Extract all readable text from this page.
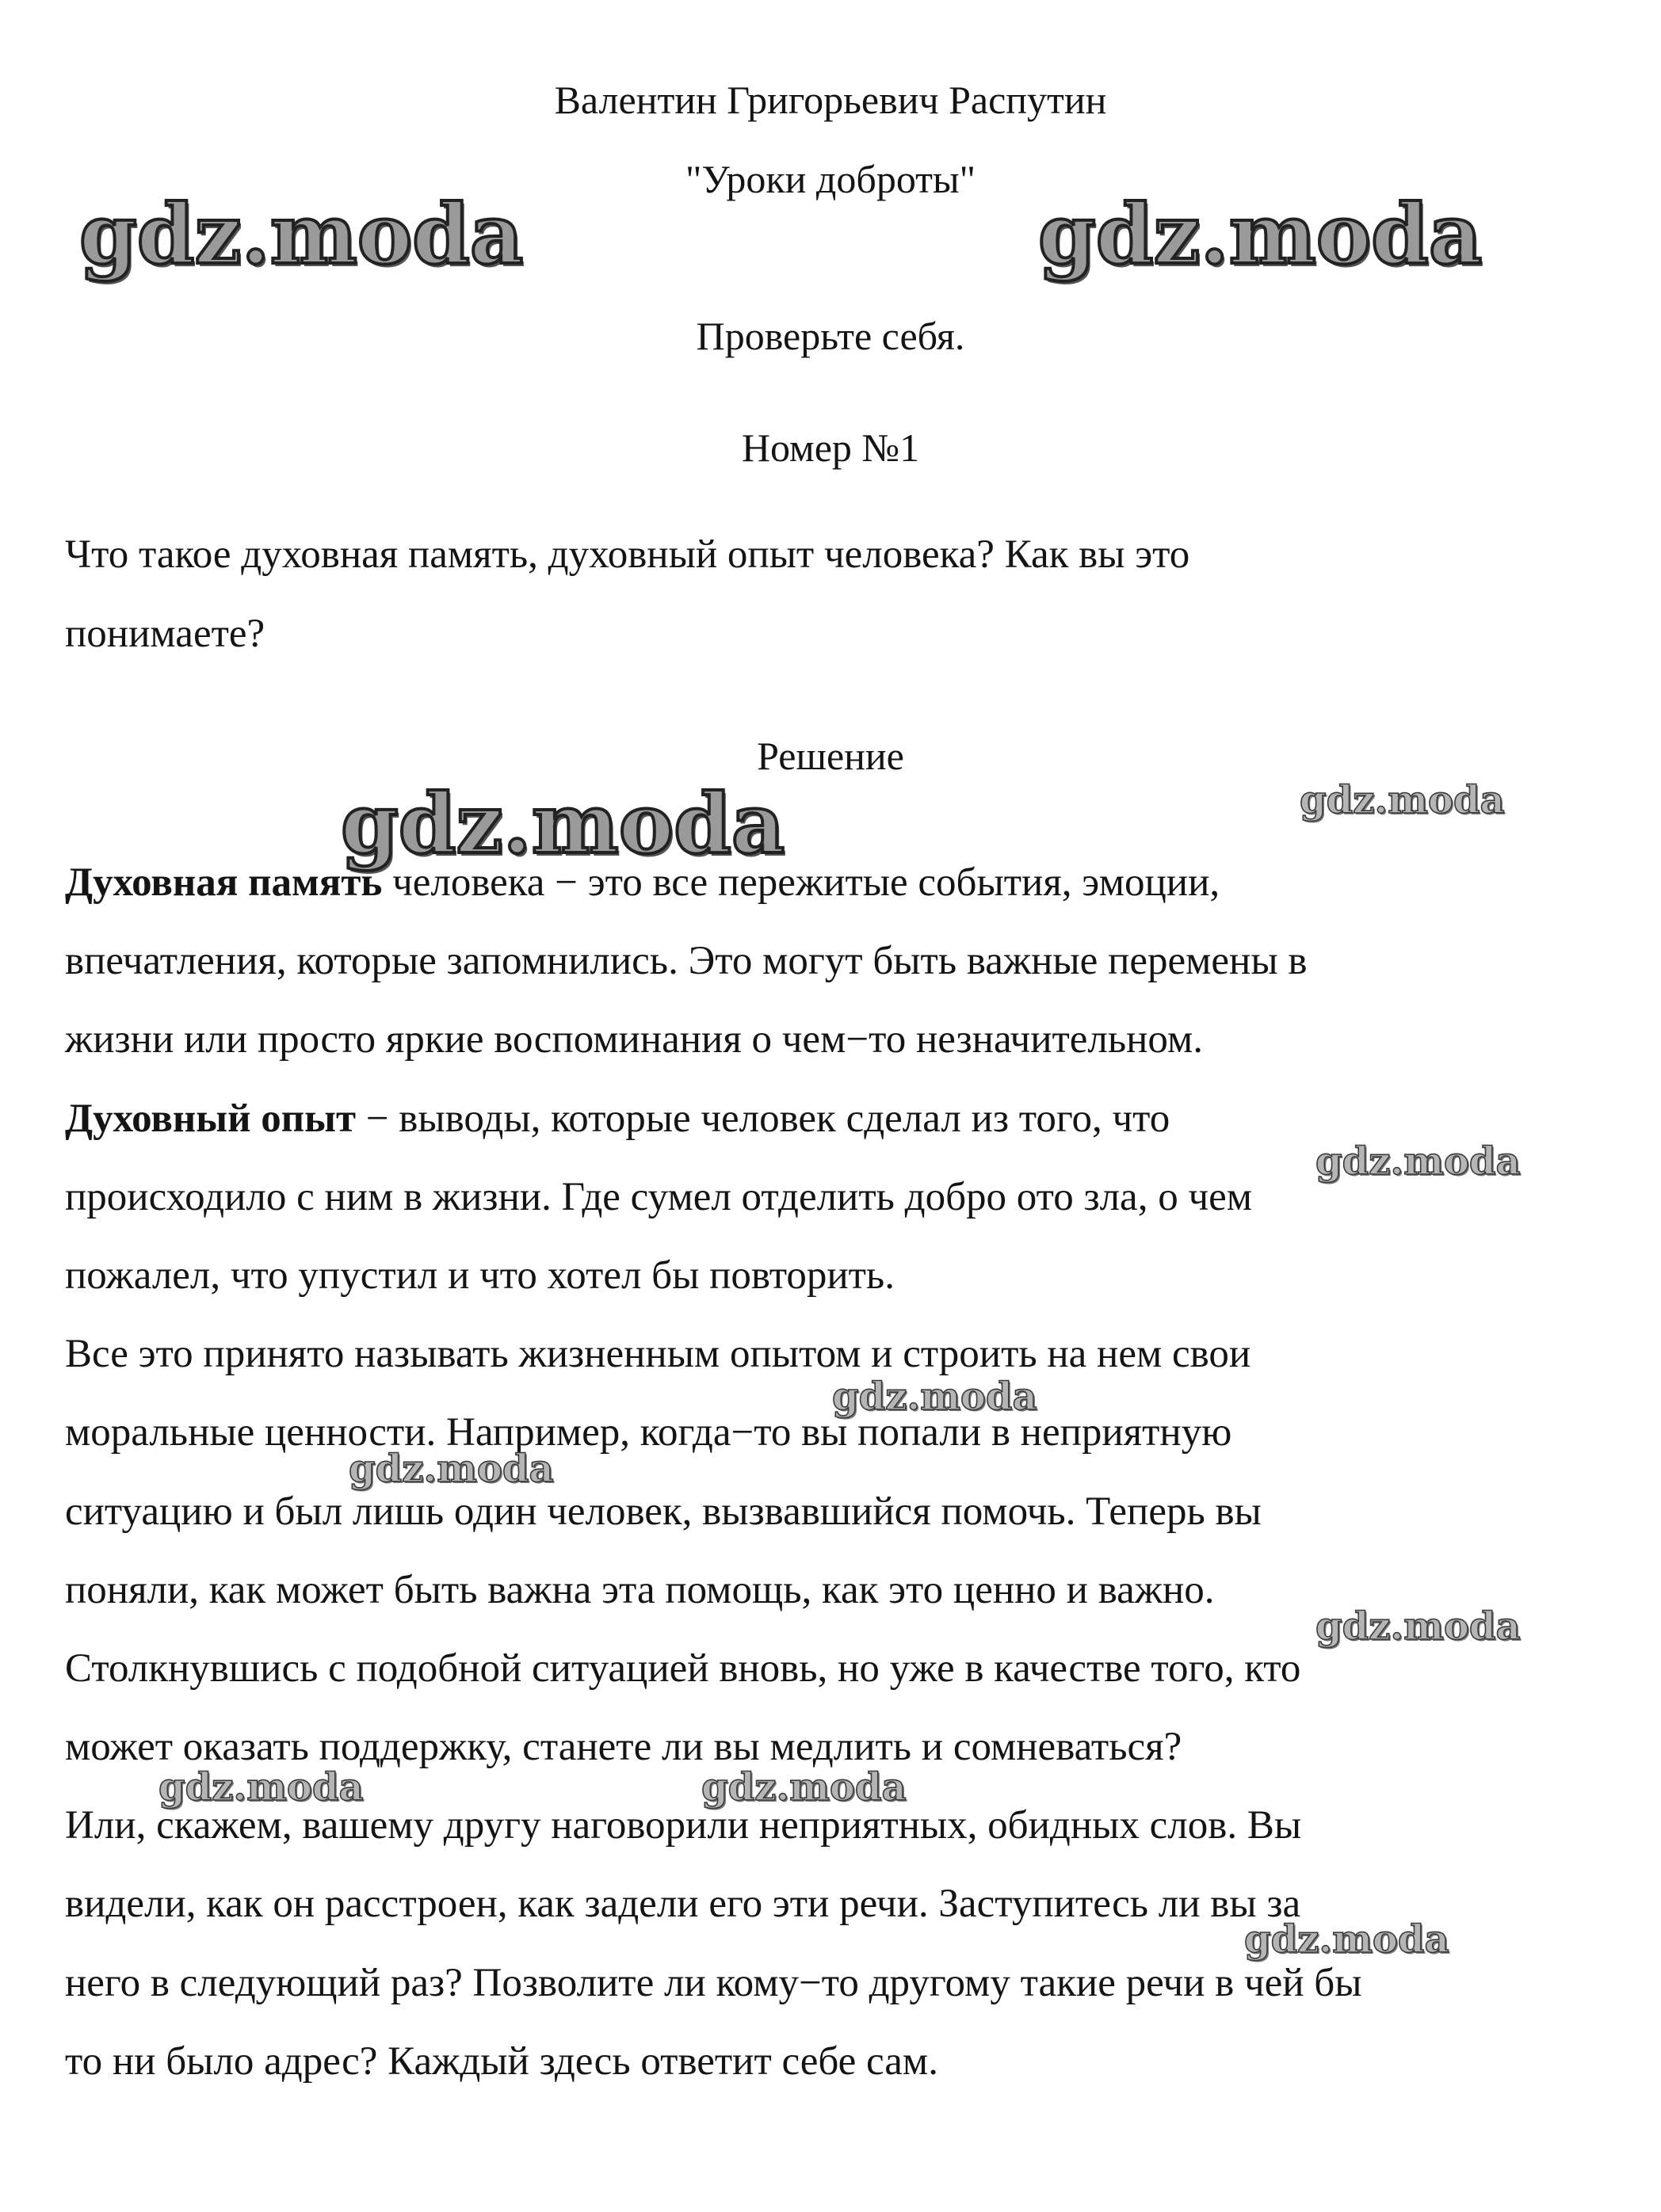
Валентин Григорьевич Распутин
"Уроки доброты"
Проверьте себя.
Номер №1

Что такое духовная память, духовный опыт человека? Как вы это

понимаете?

Решение

Духовная память человека − это все пережитые события, эмоции,

впечатления, которые запомнились. Это могут быть важные перемены в

жизни или просто яркие воспоминания о чем−то незначительном.

Духовный опыт − выводы, которые человек сделал из того, что

происходило с ним в жизни. Где сумел отделить добро ото зла, о чем

пожалел, что упустил и что хотел бы повторить.

Все это принято называть жизненным опытом и строить на нем свои

моральные ценности. Например, когда−то вы попали в неприятную

ситуацию и был лишь один человек, вызвавшийся помочь. Теперь вы

поняли, как может быть важна эта помощь, как это ценно и важно.

Столкнувшись с подобной ситуацией вновь, но уже в качестве того, кто

может оказать поддержку, станете ли вы медлить и сомневаться?

Или, скажем, вашему другу наговорили неприятных, обидных слов. Вы

видели, как он расстроен, как задели его эти речи. Заступитесь ли вы за

него в следующий раз? Позволите ли кому−то другому такие речи в чей бы

то ни было адрес? Каждый здесь ответит себе сам.

gdz.moda	gdz.moda
gdz.moda	gdz.moda
gdz.moda
gdz.moda
gdz.moda
gdz.moda
gdz.moda	gdz.moda
gdz.moda
